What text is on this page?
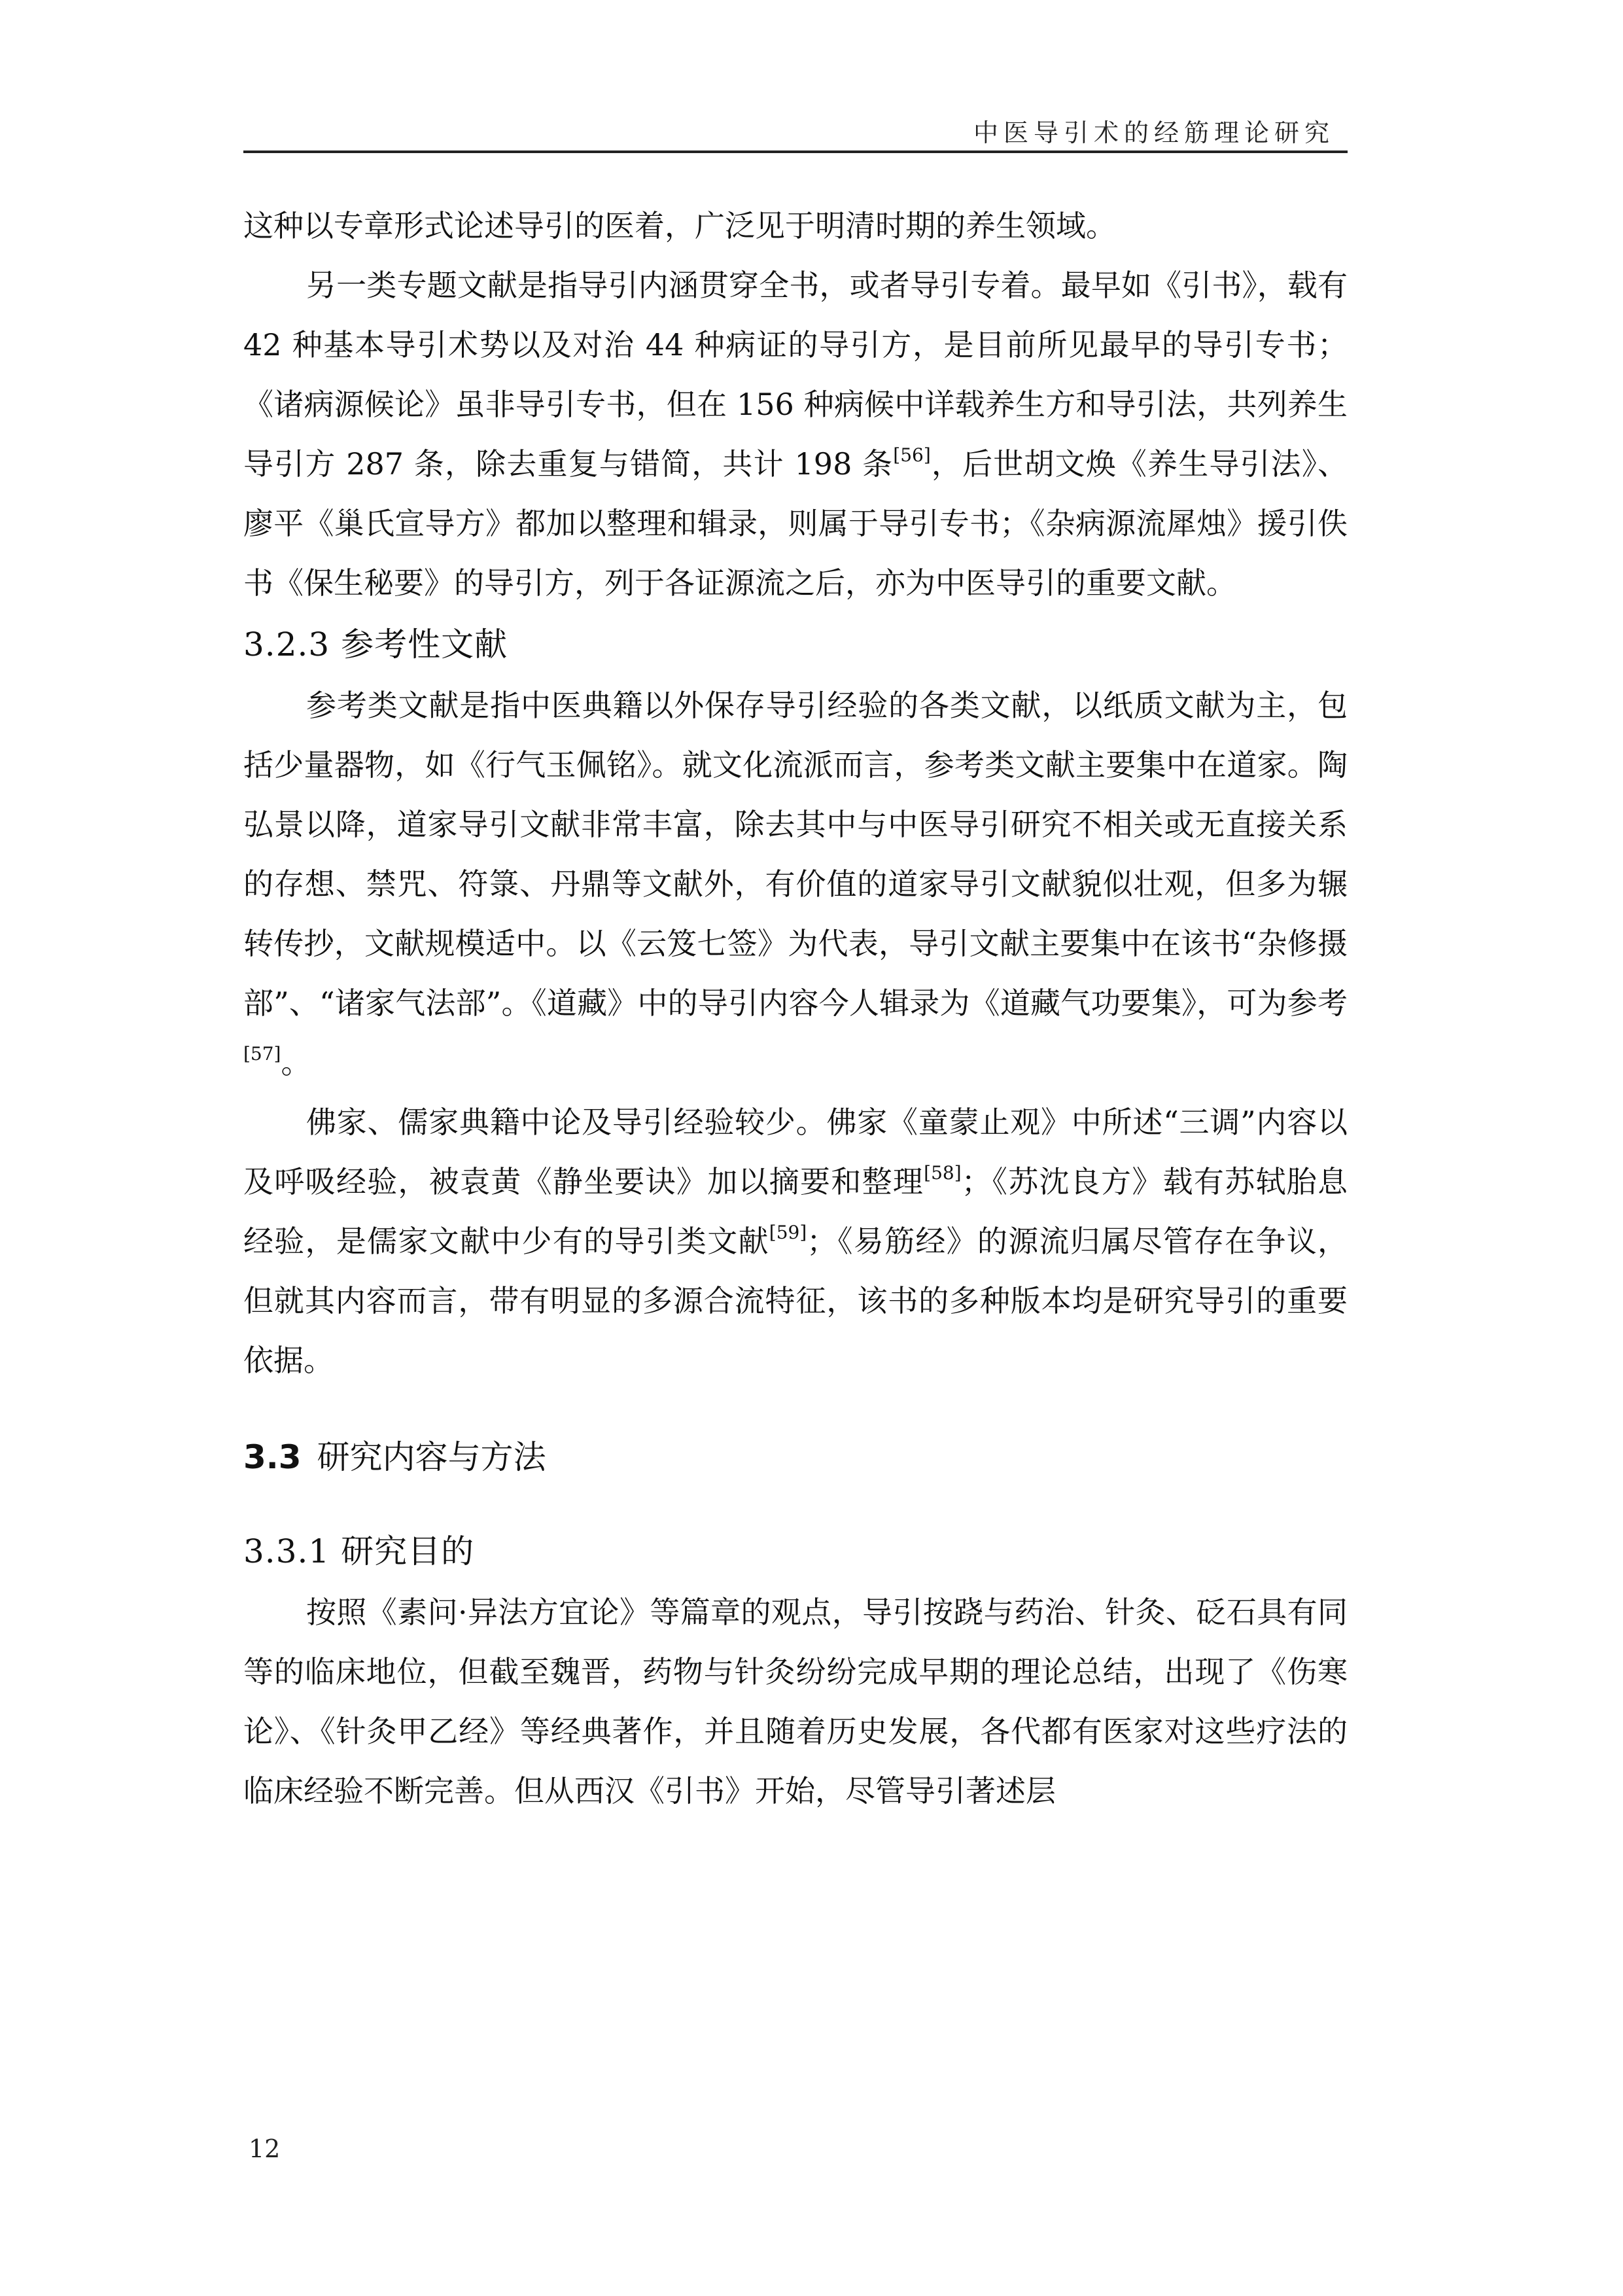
中医导引术的经筋理论研究

这种以专章形式论述导引的医着，广泛见于明清时期的养生领域。

另一类专题文献是指导引内涵贯穿全书，或者导引专着。最早如《引书》，载有 42 种基本导引术势以及对治 44 种病证的导引方，是目前所见最早的导引专书；《诸病源候论》虽非导引专书，但在 156 种病候中详载养生方和导引法，共列养生导引方 287 条，除去重复与错简，共计 198 条[56]，后世胡文焕《养生导引法》、廖平《巢氏宣导方》都加以整理和辑录，则属于导引专书；《杂病源流犀烛》援引佚书《保生秘要》的导引方，列于各证源流之后，亦为中医导引的重要文献。

3.2.3 参考性文献

参考类文献是指中医典籍以外保存导引经验的各类文献，以纸质文献为主，包括少量器物，如《行气玉佩铭》。就文化流派而言，参考类文献主要集中在道家。陶弘景以降，道家导引文献非常丰富，除去其中与中医导引研究不相关或无直接关系的存想、禁咒、符箓、丹鼎等文献外，有价值的道家导引文献貌似壮观，但多为辗转传抄，文献规模适中。以《云笈七签》为代表，导引文献主要集中在该书“杂修摄部”、“诸家气法部”。《道藏》中的导引内容今人辑录为《道藏气功要集》，可为参考[57]。

佛家、儒家典籍中论及导引经验较少。佛家《童蒙止观》中所述“三调”内容以及呼吸经验，被袁黄《静坐要诀》加以摘要和整理[58]；《苏沈良方》载有苏轼胎息经验，是儒家文献中少有的导引类文献[59]；《易筋经》的源流归属尽管存在争议，但就其内容而言，带有明显的多源合流特征，该书的多种版本均是研究导引的重要依据。

3.3 研究内容与方法
3.3.1 研究目的

按照《素问·异法方宜论》等篇章的观点，导引按跷与药治、针灸、砭石具有同等的临床地位，但截至魏晋，药物与针灸纷纷完成早期的理论总结，出现了《伤寒论》、《针灸甲乙经》等经典著作，并且随着历史发展，各代都有医家对这些疗法的临床经验不断完善。但从西汉《引书》开始，尽管导引著述层

12
